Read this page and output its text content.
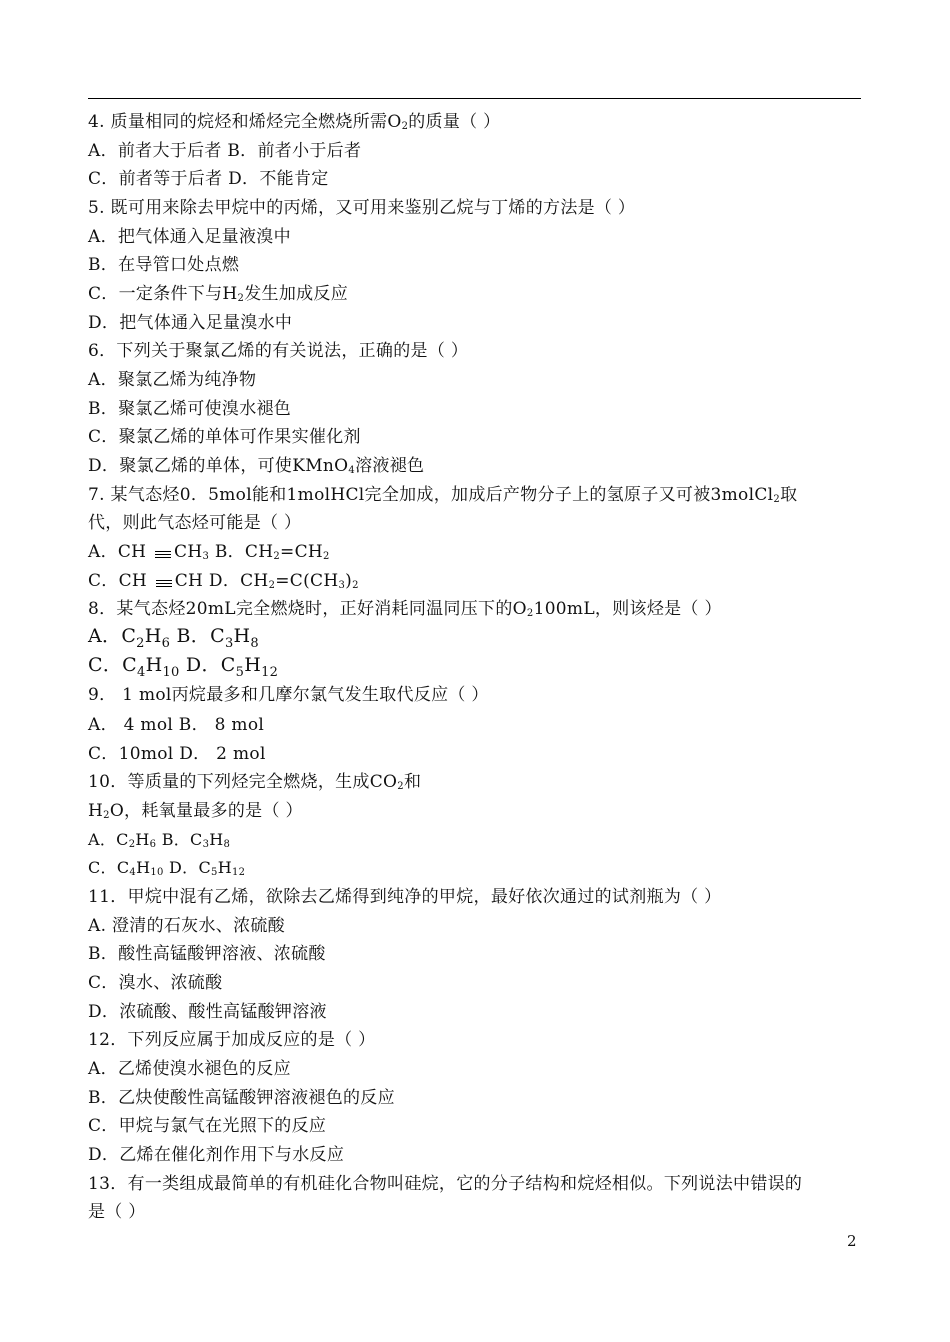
4. 质量相同的烷烃和烯烃完全燃烧所需$O_2$的质量（ ）
A．前者大于后者 B．前者小于后者
C．前者等于后者 D．不能肯定
5. 既可用来除去甲烷中的丙烯，又可用来鉴别乙烷与丁烯的方法是（ ）
A．把气体通入足量液溴中
B．在导管口处点燃
C．一定条件下与$H_2$发生加成反应
D．把气体通入足量溴水中
6．下列关于聚氯乙烯的有关说法，正确的是（ ）
A．聚氯乙烯为纯净物
B．聚氯乙烯可使溴水褪色
C．聚氯乙烯的单体可作果实催化剂
D．聚氯乙烯的单体，可使KMnO$_4$溶液褪色
7. 某气态烃0．5mol能和1molHCl完全加成，加成后产物分子上的氢原子又可被3molCl$_2$取
代，则此气态烃可能是（ ）
A．CH
$CH_3$ B．$CH_2=CH_2$
C．CH
CH D．$CH_2=C(CH_3)_2$
8．某气态烃20mL完全燃烧时，正好消耗同温同压下的$O_2100mL$，则该烃是（ ）
A．$C_2H_6$ B．$C_3H_8$
C．$C_4H_{10}$ D．$C_5H_{12}$
9． 1 mol丙烷最多和几摩尔氯气发生取代反应（ ）
A． 4 mol B． 8 mol
C．10mol D． 2 mol
10．等质量的下列烃完全燃烧，生成$CO_2$和
$H_2O$，耗氧量最多的是（ ）
A．$C_2H_6$ B．$C_3H_8$
C．$C_4H_{10}$ D．$C_5H_{12}$
11．甲烷中混有乙烯，欲除去乙烯得到纯净的甲烷，最好依次通过的试剂瓶为（ ）
A. 澄清的石灰水、浓硫酸
B．酸性高锰酸钾溶液、浓硫酸
C．溴水、浓硫酸
D．浓硫酸、酸性高锰酸钾溶液
12．下列反应属于加成反应的是（ ）
A．乙烯使溴水褪色的反应
B．乙炔使酸性高锰酸钾溶液褪色的反应
C．甲烷与氯气在光照下的反应
D．乙烯在催化剂作用下与水反应
13．有一类组成最简单的有机硅化合物叫硅烷，它的分子结构和烷烃相似。下列说法中错误的
是（ ）
2
